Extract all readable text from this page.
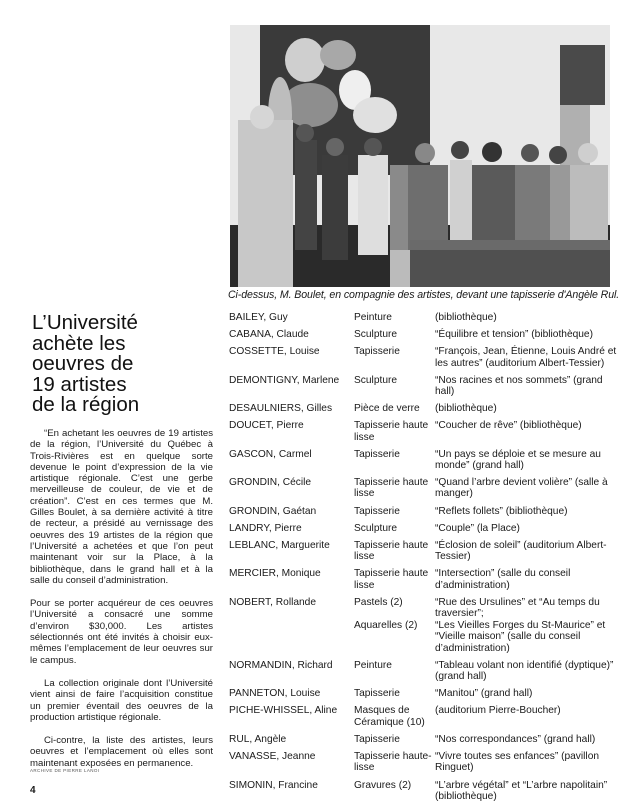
Ci-dessus, M. Boulet, en compagnie des artistes, devant une tapisserie d'Angèle Rul.
L’Université
achète les
oeuvres de
19 artistes
de la région

“En achetant les oeuvres de 19 artistes de la région, l’Université du Québec à Trois-Rivières est en quelque sorte devenue le point d’expression de la vie artistique régionale. C’est une gerbe merveilleuse de couleur, de vie et de création”. C’est en ces termes que M. Gilles Boulet, à sa dernière activité à titre de recteur, a présidé au vernissage des oeuvres des 19 artistes de la région que l’Université a achetées et que l’on peut maintenant voir sur la Place, à la bibliothèque, dans le grand hall et à la salle du conseil d’administration.

Pour se porter acquéreur de ces oeuvres l’Université a consacré une somme d’environ $30,000. Les artistes sélectionnés ont été invités à choisir eux-mêmes l’emplacement de leur oeuvres sur le campus.

La collection originale dont l’Université vient ainsi de faire l’acquisition constitue un premier éventail des oeuvres de la production artistique régionale.

Ci-contre, la liste des artistes, leurs oeuvres et l’emplacement où elles sont maintenant exposées en permanence.

ARCHIVE DE PIERRE LANOI
4
BAILEY, Guy	Peinture	(bibliothèque)
CABANA, Claude	Sculpture	“Équilibre et tension” (bibliothèque)
COSSETTE, Louise	Tapisserie	“François, Jean, Étienne, Louis André et les autres” (auditorium Albert-Tessier)
DEMONTIGNY, Marlene	Sculpture	“Nos racines et nos sommets” (grand hall)
DESAULNIERS, Gilles	Pièce de verre	(bibliothèque)
DOUCET, Pierre	Tapisserie haute lisse	“Coucher de rêve” (bibliothèque)
GASCON, Carmel	Tapisserie	“Un pays se déploie et se mesure au monde” (grand hall)
GRONDIN, Cécile	Tapisserie haute lisse	“Quand l’arbre devient volière” (salle à manger)
GRONDIN, Gaétan	Tapisserie	“Reflets follets” (bibliothèque)
LANDRY, Pierre	Sculpture	“Couple” (la Place)
LEBLANC, Marguerite	Tapisserie haute lisse	“Éclosion de soleil” (auditorium Albert-Tessier)
MERCIER, Monique	Tapisserie haute lisse	“Intersection” (salle du conseil d’administration)
NOBERT, Rollande	Pastels (2)	“Rue des Ursulines” et “Au temps du traversier”;
	Aquarelles (2)	“Les Vieilles Forges du St-Maurice” et “Vieille maison” (salle du conseil d’administration)
NORMANDIN, Richard	Peinture	“Tableau volant non identifié (dyptique)” (grand hall)
PANNETON, Louise	Tapisserie	“Manitou” (grand hall)
PICHE-WHISSEL, Aline	Masques de Céramique (10)	(auditorium Pierre-Boucher)
RUL, Angèle	Tapisserie	“Nos correspondances” (grand hall)
VANASSE, Jeanne	Tapisserie haute-lisse	“Vivre toutes ses enfances” (pavillon Ringuet)
SIMONIN, Francine	Gravures (2)	“L’arbre végétal” et “L’arbre napolitain” (bibliothèque)
